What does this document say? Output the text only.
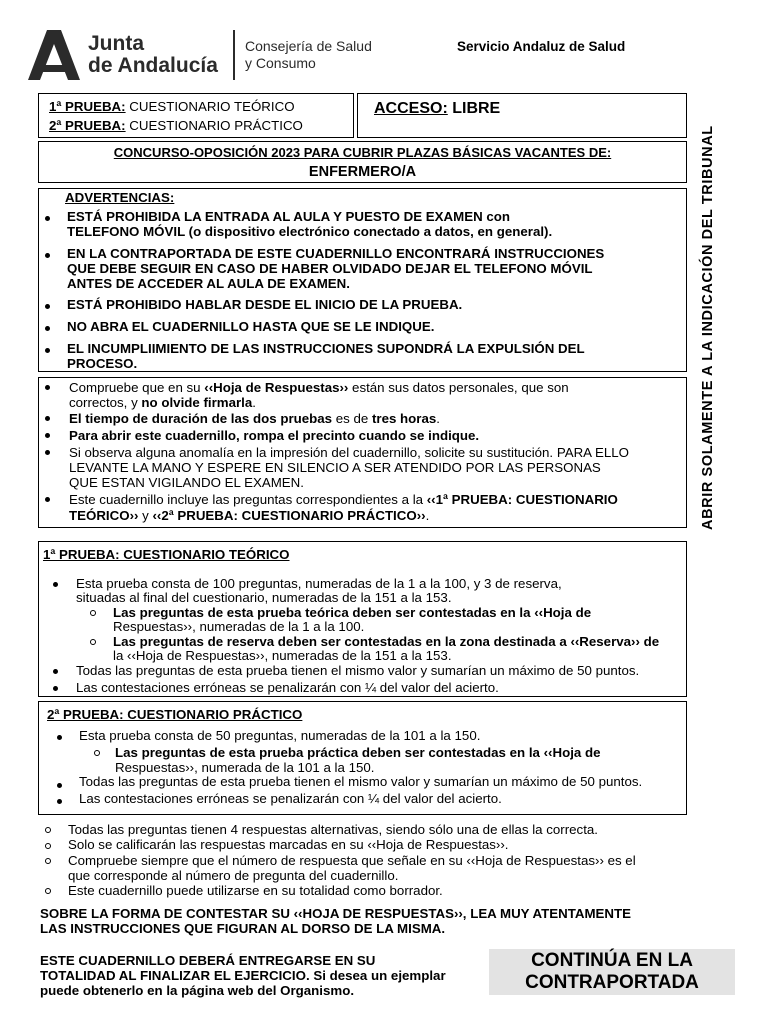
Junta
de Andalucía
Consejería de Salud
y Consumo
Servicio Andaluz de Salud
1ª PRUEBA: CUESTIONARIO TEÓRICO
2ª PRUEBA: CUESTIONARIO PRÁCTICO
ACCESO: LIBRE
CONCURSO-OPOSICIÓN 2023 PARA CUBRIR PLAZAS BÁSICAS VACANTES DE:
ENFERMERO/A
ADVERTENCIAS:
ESTÁ PROHIBIDA LA ENTRADA AL AULA Y PUESTO DE EXAMEN con
TELEFONO MÓVIL (o dispositivo electrónico conectado a datos, en general).
EN LA CONTRAPORTADA DE ESTE CUADERNILLO ENCONTRARÁ INSTRUCCIONES
QUE DEBE SEGUIR EN CASO DE HABER OLVIDADO DEJAR EL TELEFONO MÓVIL
ANTES DE ACCEDER AL AULA DE EXAMEN.
ESTÁ PROHIBIDO HABLAR DESDE EL INICIO DE LA PRUEBA.
NO ABRA EL CUADERNILLO HASTA QUE SE LE INDIQUE.
EL INCUMPLIIMIENTO DE LAS INSTRUCCIONES SUPONDRÁ LA EXPULSIÓN DEL
PROCESO.
Compruebe que en su ‹‹Hoja de Respuestas›› están sus datos personales, que son
correctos, y no olvide firmarla.
El tiempo de duración de las dos pruebas es de tres horas.
Para abrir este cuadernillo, rompa el precinto cuando se indique.
Si observa alguna anomalía en la impresión del cuadernillo, solicite su sustitución. PARA ELLO
LEVANTE LA MANO Y ESPERE EN SILENCIO A SER ATENDIDO POR LAS PERSONAS
QUE ESTAN VIGILANDO EL EXAMEN.
Este cuadernillo incluye las preguntas correspondientes a la ‹‹1ª PRUEBA: CUESTIONARIO
TEÓRICO›› y ‹‹2ª PRUEBA: CUESTIONARIO PRÁCTICO››.
1ª PRUEBA: CUESTIONARIO TEÓRICO
Esta prueba consta de 100 preguntas, numeradas de la 1 a la 100, y 3 de reserva,
situadas al final del cuestionario, numeradas de la 151 a la 153.
Las preguntas de esta prueba teórica deben ser contestadas en la ‹‹Hoja de
Respuestas››, numeradas de la 1 a la 100.
Las preguntas de reserva deben ser contestadas en la zona destinada a ‹‹Reserva›› de
la ‹‹Hoja de Respuestas››, numeradas de la 151 a la 153.
Todas las preguntas de esta prueba tienen el mismo valor y sumarían un máximo de 50 puntos.
Las contestaciones erróneas se penalizarán con ¼ del valor del acierto.
2ª PRUEBA: CUESTIONARIO PRÁCTICO
Esta prueba consta de 50 preguntas, numeradas de la 101 a la 150.
Las preguntas de esta prueba práctica deben ser contestadas en la ‹‹Hoja de
Respuestas››, numerada de la 101 a la 150.
Todas las preguntas de esta prueba tienen el mismo valor y sumarían un máximo de 50 puntos.
Las contestaciones erróneas se penalizarán con ¼ del valor del acierto.
Todas las preguntas tienen 4 respuestas alternativas, siendo sólo una de ellas la correcta.
Solo se calificarán las respuestas marcadas en su ‹‹Hoja de Respuestas››.
Compruebe siempre que el número de respuesta que señale en su ‹‹Hoja de Respuestas›› es el
que corresponde al número de pregunta del cuadernillo.
Este cuadernillo puede utilizarse en su totalidad como borrador.
SOBRE LA FORMA DE CONTESTAR SU ‹‹HOJA DE RESPUESTAS››, LEA MUY ATENTAMENTE
LAS INSTRUCCIONES QUE FIGURAN AL DORSO DE LA MISMA.
ESTE CUADERNILLO DEBERÁ ENTREGARSE EN SU
TOTALIDAD AL FINALIZAR EL EJERCICIO. Si desea un ejemplar
puede obtenerlo en la página web del Organismo.
CONTINÚA EN LA
CONTRAPORTADA
ABRIR SOLAMENTE A LA INDICACIÓN DEL TRIBUNAL
